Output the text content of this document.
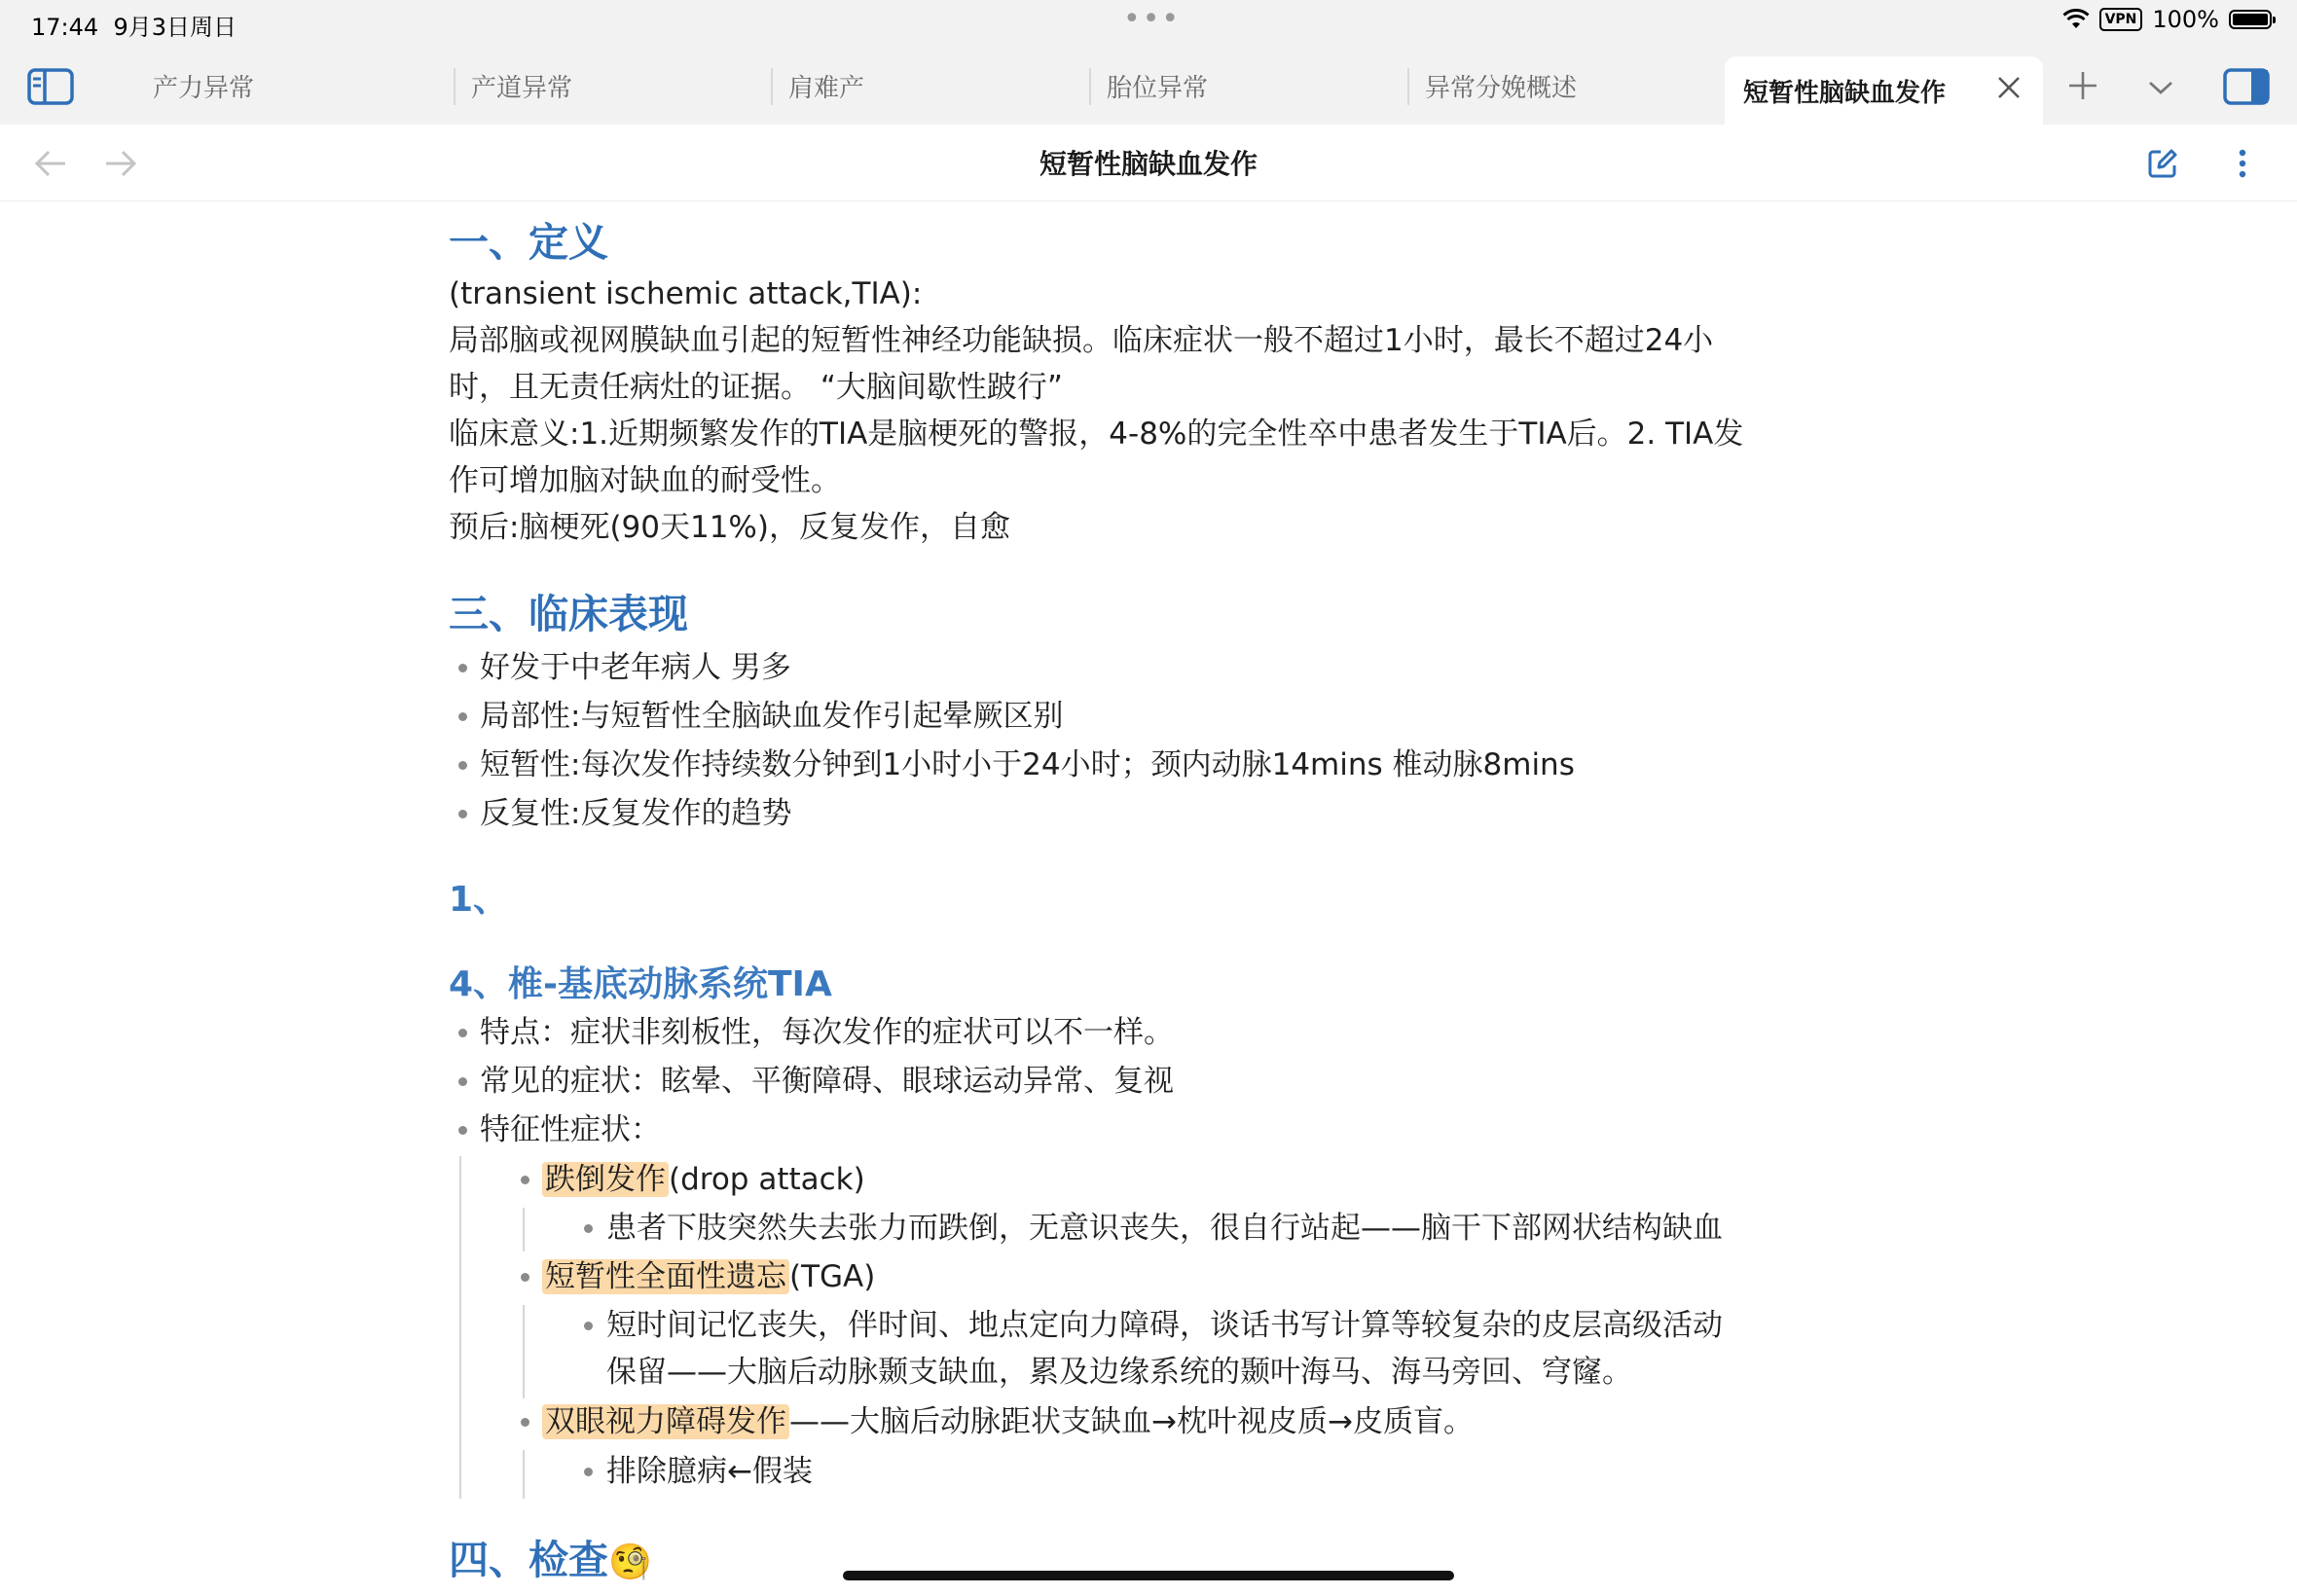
17:44 9月3日周日	•••	VPN 100%
产力异常	产道异常	肩难产	胎位异常	异常分娩概述	短暂性脑缺血发作
短暂性脑缺血发作
一、定义
(transient ischemic attack,TIA):
局部脑或视网膜缺血引起的短暂性神经功能缺损。临床症状一般不超过1小时，最长不超过24小
时，且无责任病灶的证据。 “大脑间歇性跛行”
临床意义:1.近期频繁发作的TIA是脑梗死的警报，4-8%的完全性卒中患者发生于TIA后。2. TIA发
作可增加脑对缺血的耐受性。
预后:脑梗死(90天11%)，反复发作，自愈
三、临床表现
好发于中老年病人 男多
局部性:与短暂性全脑缺血发作引起晕厥区别
短暂性:每次发作持续数分钟到1小时小于24小时；颈内动脉14mins 椎动脉8mins
反复性:反复发作的趋势
1、
4、椎-基底动脉系统TIA
特点：症状非刻板性，每次发作的症状可以不一样。
常见的症状：眩晕、平衡障碍、眼球运动异常、复视
特征性症状：
跌倒发作(drop attack)
患者下肢突然失去张力而跌倒，无意识丧失，很自行站起——脑干下部网状结构缺血
短暂性全面性遗忘(TGA)
短时间记忆丧失，伴时间、地点定向力障碍，谈话书写计算等较复杂的皮层高级活动
保留——大脑后动脉颞支缺血，累及边缘系统的颞叶海马、海马旁回、穹窿。
双眼视力障碍发作——大脑后动脉距状支缺血→枕叶视皮质→皮质盲。
排除臆病←假装
四、检查🧐
